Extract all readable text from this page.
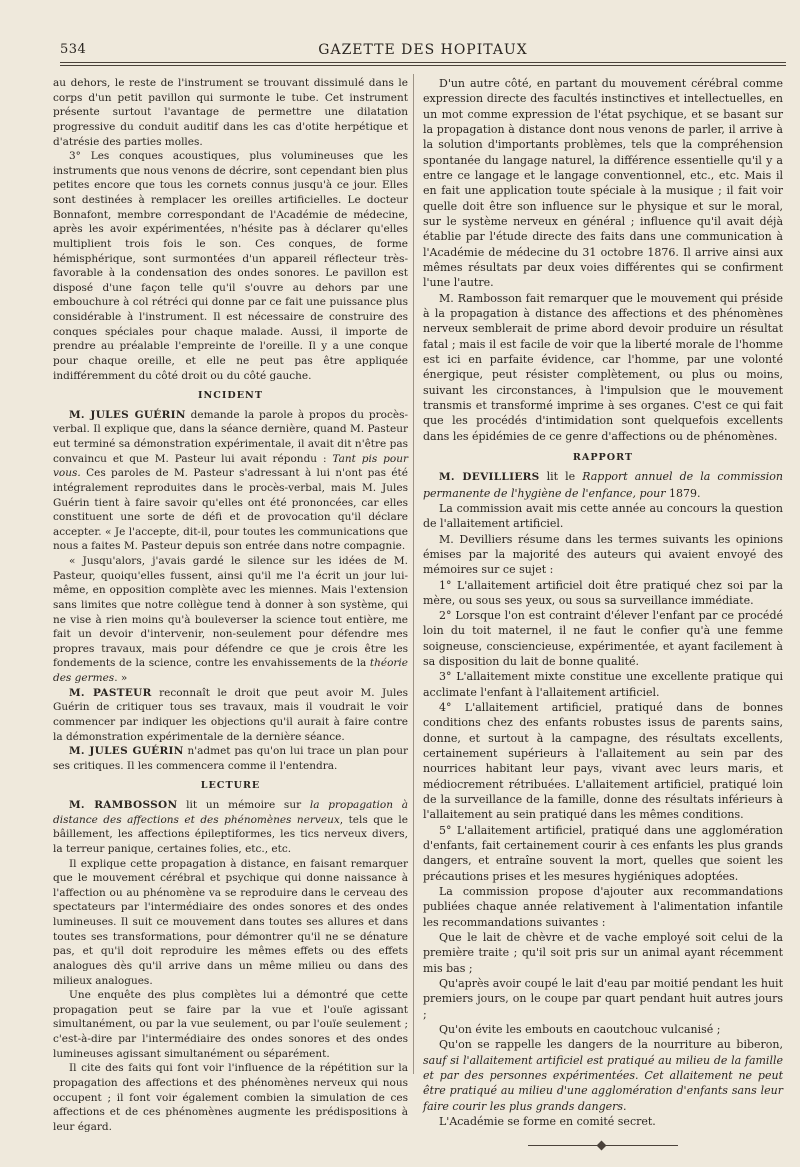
534	GAZETTE DES HOPITAUX

au dehors, le reste de l'instrument se trouvant dissimulé dans le corps d'un petit pavillon qui surmonte le tube. Cet instrument présente surtout l'avantage de permettre une dilatation progressive du conduit auditif dans les cas d'otite herpétique et d'atrésie des parties molles.

3° Les conques acoustiques, plus volumineuses que les instruments que nous venons de décrire, sont cependant bien plus petites encore que tous les cornets connus jusqu'à ce jour. Elles sont destinées à remplacer les oreilles artificielles. Le docteur Bonnafont, membre correspondant de l'Académie de médecine, après les avoir expérimentées, n'hésite pas à déclarer qu'elles multiplient trois fois le son. Ces conques, de forme hémisphérique, sont surmontées d'un appareil réflecteur très-favorable à la condensation des ondes sonores. Le pavillon est disposé d'une façon telle qu'il s'ouvre au dehors par une embouchure à col rétréci qui donne par ce fait une puissance plus considérable à l'instrument. Il est nécessaire de construire des conques spéciales pour chaque malade. Aussi, il importe de prendre au préalable l'empreinte de l'oreille. Il y a une conque pour chaque oreille, et elle ne peut pas être appliquée indifféremment du côté droit ou du côté gauche.

INCIDENT

M. JULES GUÉRIN demande la parole à propos du procès-verbal. Il explique que, dans la séance dernière, quand M. Pasteur eut terminé sa démonstration expérimentale, il avait dit n'être pas convaincu et que M. Pasteur lui avait répondu : Tant pis pour vous. Ces paroles de M. Pasteur s'adressant à lui n'ont pas été intégralement reproduites dans le procès-verbal, mais M. Jules Guérin tient à faire savoir qu'elles ont été prononcées, car elles constituent une sorte de défi et de provocation qu'il déclare accepter. « Je l'accepte, dit-il, pour toutes les communications que nous a faites M. Pasteur depuis son entrée dans notre compagnie.

« Jusqu'alors, j'avais gardé le silence sur les idées de M. Pasteur, quoiqu'elles fussent, ainsi qu'il me l'a écrit un jour lui-même, en opposition complète avec les miennes. Mais l'extension sans limites que notre collègue tend à donner à son système, qui ne vise à rien moins qu'à bouleverser la science tout entière, me fait un devoir d'intervenir, non-seulement pour défendre mes propres travaux, mais pour défendre ce que je crois être les fondements de la science, contre les envahissements de la théorie des germes. »

M. PASTEUR reconnaît le droit que peut avoir M. Jules Guérin de critiquer tous ses travaux, mais il voudrait le voir commencer par indiquer les objections qu'il aurait à faire contre la démonstration expérimentale de la dernière séance.

M. JULES GUÉRIN n'admet pas qu'on lui trace un plan pour ses critiques. Il les commencera comme il l'entendra.

LECTURE

M. RAMBOSSON lit un mémoire sur la propagation à distance des affections et des phénomènes nerveux, tels que le bâillement, les affections épileptiformes, les tics nerveux divers, la terreur panique, certaines folies, etc., etc.

Il explique cette propagation à distance, en faisant remarquer que le mouvement cérébral et psychique qui donne naissance à l'affection ou au phénomène va se reproduire dans le cerveau des spectateurs par l'intermédiaire des ondes sonores et des ondes lumineuses. Il suit ce mouvement dans toutes ses allures et dans toutes ses transformations, pour démontrer qu'il ne se dénature pas, et qu'il doit reproduire les mêmes effets ou des effets analogues dès qu'il arrive dans un même milieu ou dans des milieux analogues.

Une enquête des plus complètes lui a démontré que cette propagation peut se faire par la vue et l'ouïe agissant simultanément, ou par la vue seulement, ou par l'ouïe seulement ; c'est-à-dire par l'intermédiaire des ondes sonores et des ondes lumineuses agissant simultanément ou séparément.

Il cite des faits qui font voir l'influence de la répétition sur la propagation des affections et des phénomènes nerveux qui nous occupent ; il font voir également combien la simulation de ces affections et de ces phénomènes augmente les prédispositions à leur égard.

D'un autre côté, en partant du mouvement cérébral comme expression directe des facultés instinctives et intellectuelles, en un mot comme expression de l'état psychique, et se basant sur la propagation à distance dont nous venons de parler, il arrive à la solution d'importants problèmes, tels que la compréhension spontanée du langage naturel, la différence essentielle qu'il y a entre ce langage et le langage conventionnel, etc., etc. Mais il en fait une application toute spéciale à la musique ; il fait voir quelle doit être son influence sur le physique et sur le moral, sur le système nerveux en général ; influence qu'il avait déjà établie par l'étude directe des faits dans une communication à l'Académie de médecine du 31 octobre 1876. Il arrive ainsi aux mêmes résultats par deux voies différentes qui se confirment l'une l'autre.

M. Rambosson fait remarquer que le mouvement qui préside à la propagation à distance des affections et des phénomènes nerveux semblerait de prime abord devoir produire un résultat fatal ; mais il est facile de voir que la liberté morale de l'homme est ici en parfaite évidence, car l'homme, par une volonté énergique, peut résister complètement, ou plus ou moins, suivant les circonstances, à l'impulsion que le mouvement transmis et transformé imprime à ses organes. C'est ce qui fait que les procédés d'intimidation sont quelquefois excellents dans les épidémies de ce genre d'affections ou de phénomènes.

RAPPORT

M. DEVILLIERS lit le Rapport annuel de la commission permanente de l'hygiène de l'enfance, pour 1879.

La commission avait mis cette année au concours la question de l'allaitement artificiel.

M. Devilliers résume dans les termes suivants les opinions émises par la majorité des auteurs qui avaient envoyé des mémoires sur ce sujet :

1° L'allaitement artificiel doit être pratiqué chez soi par la mère, ou sous ses yeux, ou sous sa surveillance immédiate.

2° Lorsque l'on est contraint d'élever l'enfant par ce procédé loin du toit maternel, il ne faut le confier qu'à une femme soigneuse, consciencieuse, expérimentée, et ayant facilement à sa disposition du lait de bonne qualité.

3° L'allaitement mixte constitue une excellente pratique qui acclimate l'enfant à l'allaitement artificiel.

4° L'allaitement artificiel, pratiqué dans de bonnes conditions chez des enfants robustes issus de parents sains, donne, et surtout à la campagne, des résultats excellents, certainement supérieurs à l'allaitement au sein par des nourrices habitant leur pays, vivant avec leurs maris, et médiocrement rétribuées. L'allaitement artificiel, pratiqué loin de la surveillance de la famille, donne des résultats inférieurs à l'allaitement au sein pratiqué dans les mêmes conditions.

5° L'allaitement artificiel, pratiqué dans une agglomération d'enfants, fait certainement courir à ces enfants les plus grands dangers, et entraîne souvent la mort, quelles que soient les précautions prises et les mesures hygiéniques adoptées.

La commission propose d'ajouter aux recommandations publiées chaque année relativement à l'alimentation infantile les recommandations suivantes :

Que le lait de chèvre et de vache employé soit celui de la première traite ; qu'il soit pris sur un animal ayant récemment mis bas ;

Qu'après avoir coupé le lait d'eau par moitié pendant les huit premiers jours, on le coupe par quart pendant huit autres jours ;

Qu'on évite les embouts en caoutchouc vulcanisé ;

Qu'on se rappelle les dangers de la nourriture au biberon, sauf si l'allaitement artificiel est pratiqué au milieu de la famille et par des personnes expérimentées. Cet allaitement ne peut être pratiqué au milieu d'une agglomération d'enfants sans leur faire courir les plus grands dangers.

L'Académie se forme en comité secret.
